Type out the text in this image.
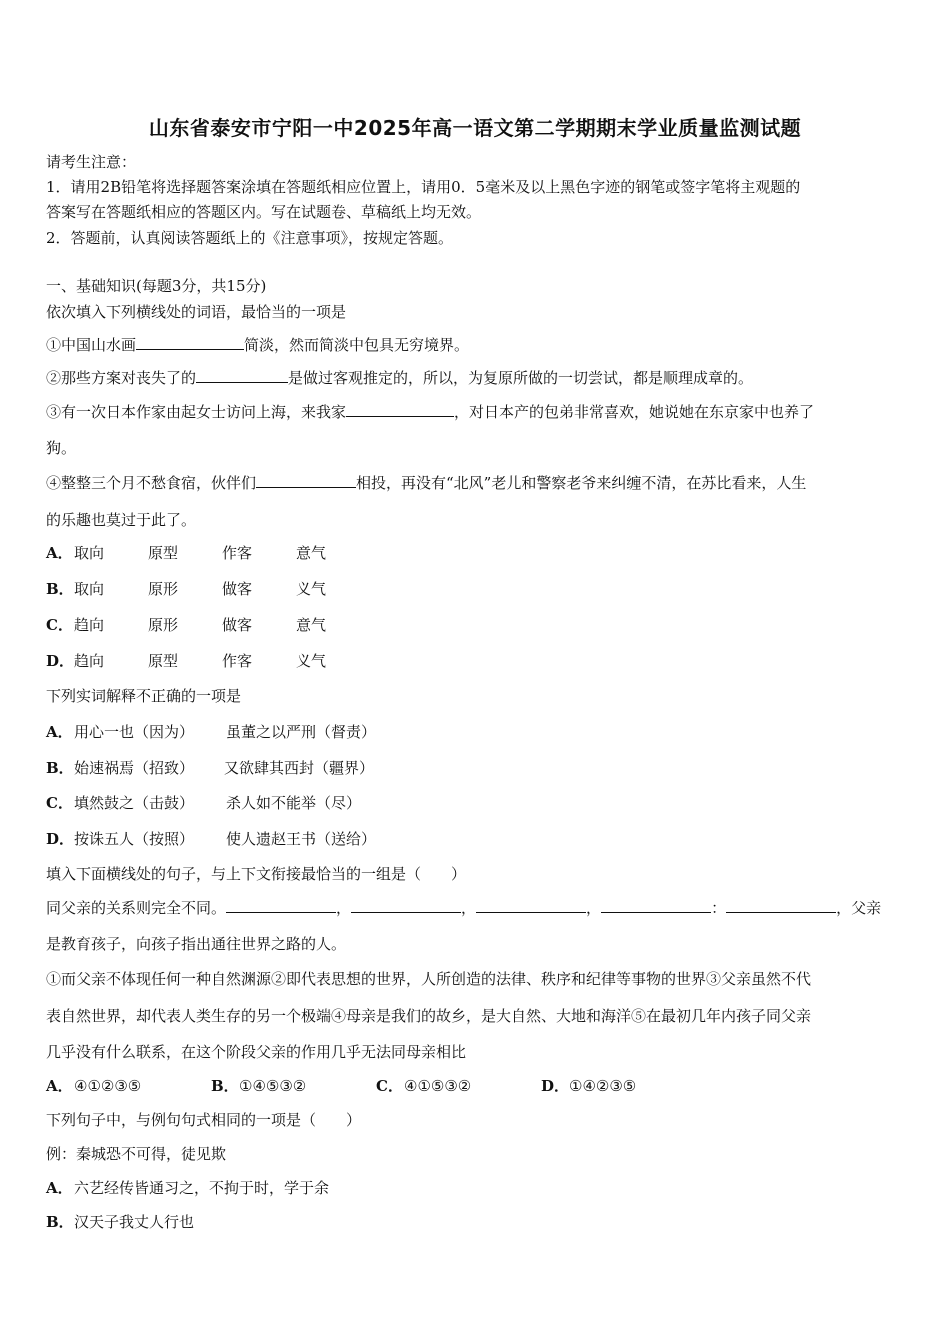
山东省泰安市宁阳一中2025年高一语文第二学期期末学业质量监测试题
请考生注意：
1．请用2B铅笔将选择题答案涂填在答题纸相应位置上，请用0．5毫米及以上黑色字迹的钢笔或签字笔将主观题的
答案写在答题纸相应的答题区内。写在试题卷、草稿纸上均无效。
2．答题前，认真阅读答题纸上的《注意事项》，按规定答题。
一、基础知识(每题3分，共15分)
依次填入下列横线处的词语，最恰当的一项是
①中国山水画	简淡，然而简淡中包具无穷境界。
②那些方案对丧失了的	是做过客观推定的，所以，为复原所做的一切尝试，都是顺理成章的。
③有一次日本作家由起女士访问上海，来我家	，对日本产的包弟非常喜欢，她说她在东京家中也养了
狗。
④整整三个月不愁食宿，伙伴们	相投，再没有“北风”老儿和警察老爷来纠缠不清，在苏比看来，人生
的乐趣也莫过于此了。
A．取向	原型	作客	意气
B．取向	原形	做客	义气
C．趋向	原形	做客	意气
D．趋向	原型	作客	义气
下列实词解释不正确的一项是
A．用心一也（因为） 虽董之以严刑（督责）
B．始速祸焉（招致） 又欲肆其西封（疆界）
C．填然鼓之（击鼓） 杀人如不能举（尽）
D．按诛五人（按照） 使人遗赵王书（送给）
填入下面横线处的句子，与上下文衔接最恰当的一组是（　　）
同父亲的关系则完全不同。	，	，	，	：	，父亲
是教育孩子，向孩子指出通往世界之路的人。
①而父亲不体现任何一种自然渊源②即代表思想的世界，人所创造的法律、秩序和纪律等事物的世界③父亲虽然不代
表自然世界，却代表人类生存的另一个极端④母亲是我们的故乡，是大自然、大地和海洋⑤在最初几年内孩子同父亲
几乎没有什么联系，在这个阶段父亲的作用几乎无法同母亲相比
A．④①②③⑤	B．①④⑤③②	C．④①⑤③②	D．①④②③⑤
下列句子中，与例句句式相同的一项是（　　）
例：秦城恐不可得，徒见欺
A．六艺经传皆通习之，不拘于时，学于余
B．汉天子我丈人行也
